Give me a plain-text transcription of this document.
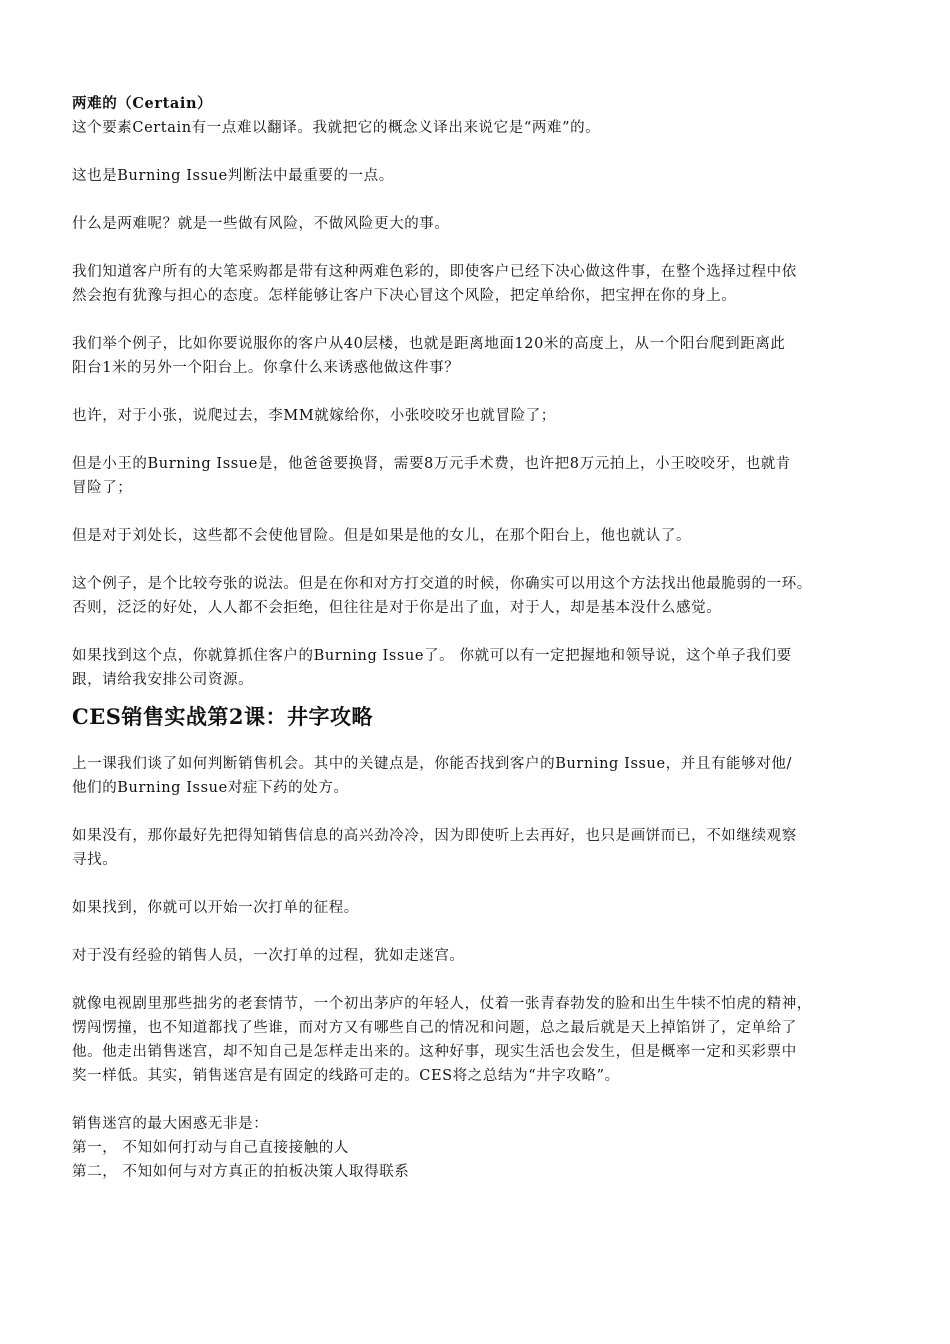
两难的（Certain）
这个要素Certain有一点难以翻译。我就把它的概念义译出来说它是“两难”的。
这也是Burning Issue判断法中最重要的一点。
什么是两难呢？就是一些做有风险，不做风险更大的事。
我们知道客户所有的大笔采购都是带有这种两难色彩的，即使客户已经下决心做这件事，在整个选择过程中依
然会抱有犹豫与担心的态度。怎样能够让客户下决心冒这个风险，把定单给你，把宝押在你的身上。
我们举个例子，比如你要说服你的客户从40层楼，也就是距离地面120米的高度上，从一个阳台爬到距离此
阳台1米的另外一个阳台上。你拿什么来诱惑他做这件事？
也许，对于小张，说爬过去，李MM就嫁给你，小张咬咬牙也就冒险了；
但是小王的Burning Issue是，他爸爸要换肾，需要8万元手术费，也许把8万元拍上，小王咬咬牙，也就肯
冒险了；
但是对于刘处长，这些都不会使他冒险。但是如果是他的女儿，在那个阳台上，他也就认了。
这个例子，是个比较夸张的说法。但是在你和对方打交道的时候，你确实可以用这个方法找出他最脆弱的一环。
否则，泛泛的好处，人人都不会拒绝，但往往是对于你是出了血，对于人，却是基本没什么感觉。
如果找到这个点，你就算抓住客户的Burning Issue了。 你就可以有一定把握地和领导说，这个单子我们要
跟，请给我安排公司资源。
CES销售实战第2课：井字攻略
上一课我们谈了如何判断销售机会。其中的关键点是，你能否找到客户的Burning Issue，并且有能够对他/
他们的Burning Issue对症下药的处方。
如果没有，那你最好先把得知销售信息的高兴劲冷冷，因为即使听上去再好，也只是画饼而已，不如继续观察
寻找。
如果找到，你就可以开始一次打单的征程。
对于没有经验的销售人员，一次打单的过程，犹如走迷宫。
就像电视剧里那些拙劣的老套情节，一个初出茅庐的年轻人，仗着一张青春勃发的脸和出生牛犊不怕虎的精神，
愣闯愣撞，也不知道都找了些谁，而对方又有哪些自己的情况和问题，总之最后就是天上掉馅饼了，定单给了
他。他走出销售迷宫，却不知自己是怎样走出来的。这种好事，现实生活也会发生，但是概率一定和买彩票中
奖一样低。其实，销售迷宫是有固定的线路可走的。CES将之总结为“井字攻略”。
销售迷宫的最大困惑无非是：
第一， 不知如何打动与自己直接接触的人
第二， 不知如何与对方真正的拍板决策人取得联系
